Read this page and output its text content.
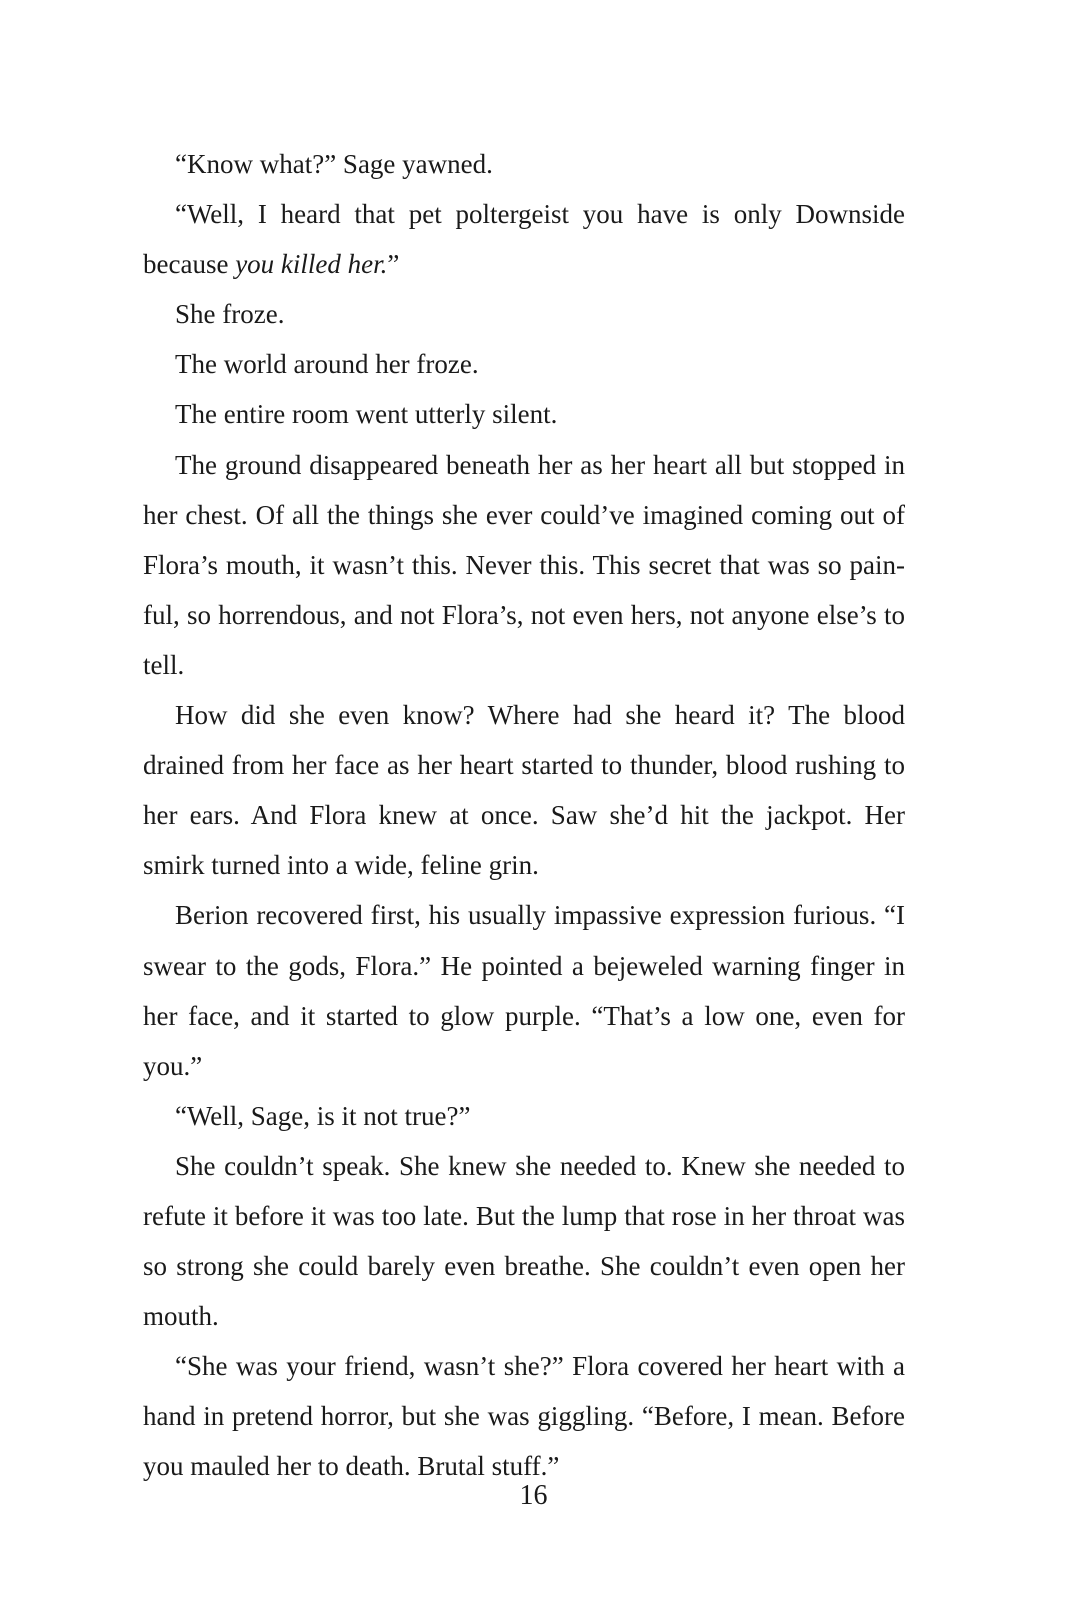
“Know what?” Sage yawned.

“Well, I heard that pet poltergeist you have is only Downside because you killed her.”

She froze.

The world around her froze.

The entire room went utterly silent.

The ground disappeared beneath her as her heart all but stopped in her chest. Of all the things she ever could’ve imagined coming out of Flora’s mouth, it wasn’t this. Never this. This secret that was so painful, so horrendous, and not Flora’s, not even hers, not anyone else’s to tell.

How did she even know? Where had she heard it? The blood drained from her face as her heart started to thunder, blood rushing to her ears. And Flora knew at once. Saw she’d hit the jackpot. Her smirk turned into a wide, feline grin.

Berion recovered first, his usually impassive expression furious. “I swear to the gods, Flora.” He pointed a bejeweled warning finger in her face, and it started to glow purple. “That’s a low one, even for you.”

“Well, Sage, is it not true?”

She couldn’t speak. She knew she needed to. Knew she needed to refute it before it was too late. But the lump that rose in her throat was so strong she could barely even breathe. She couldn’t even open her mouth.

“She was your friend, wasn’t she?” Flora covered her heart with a hand in pretend horror, but she was giggling. “Before, I mean. Before you mauled her to death. Brutal stuff.”

16
